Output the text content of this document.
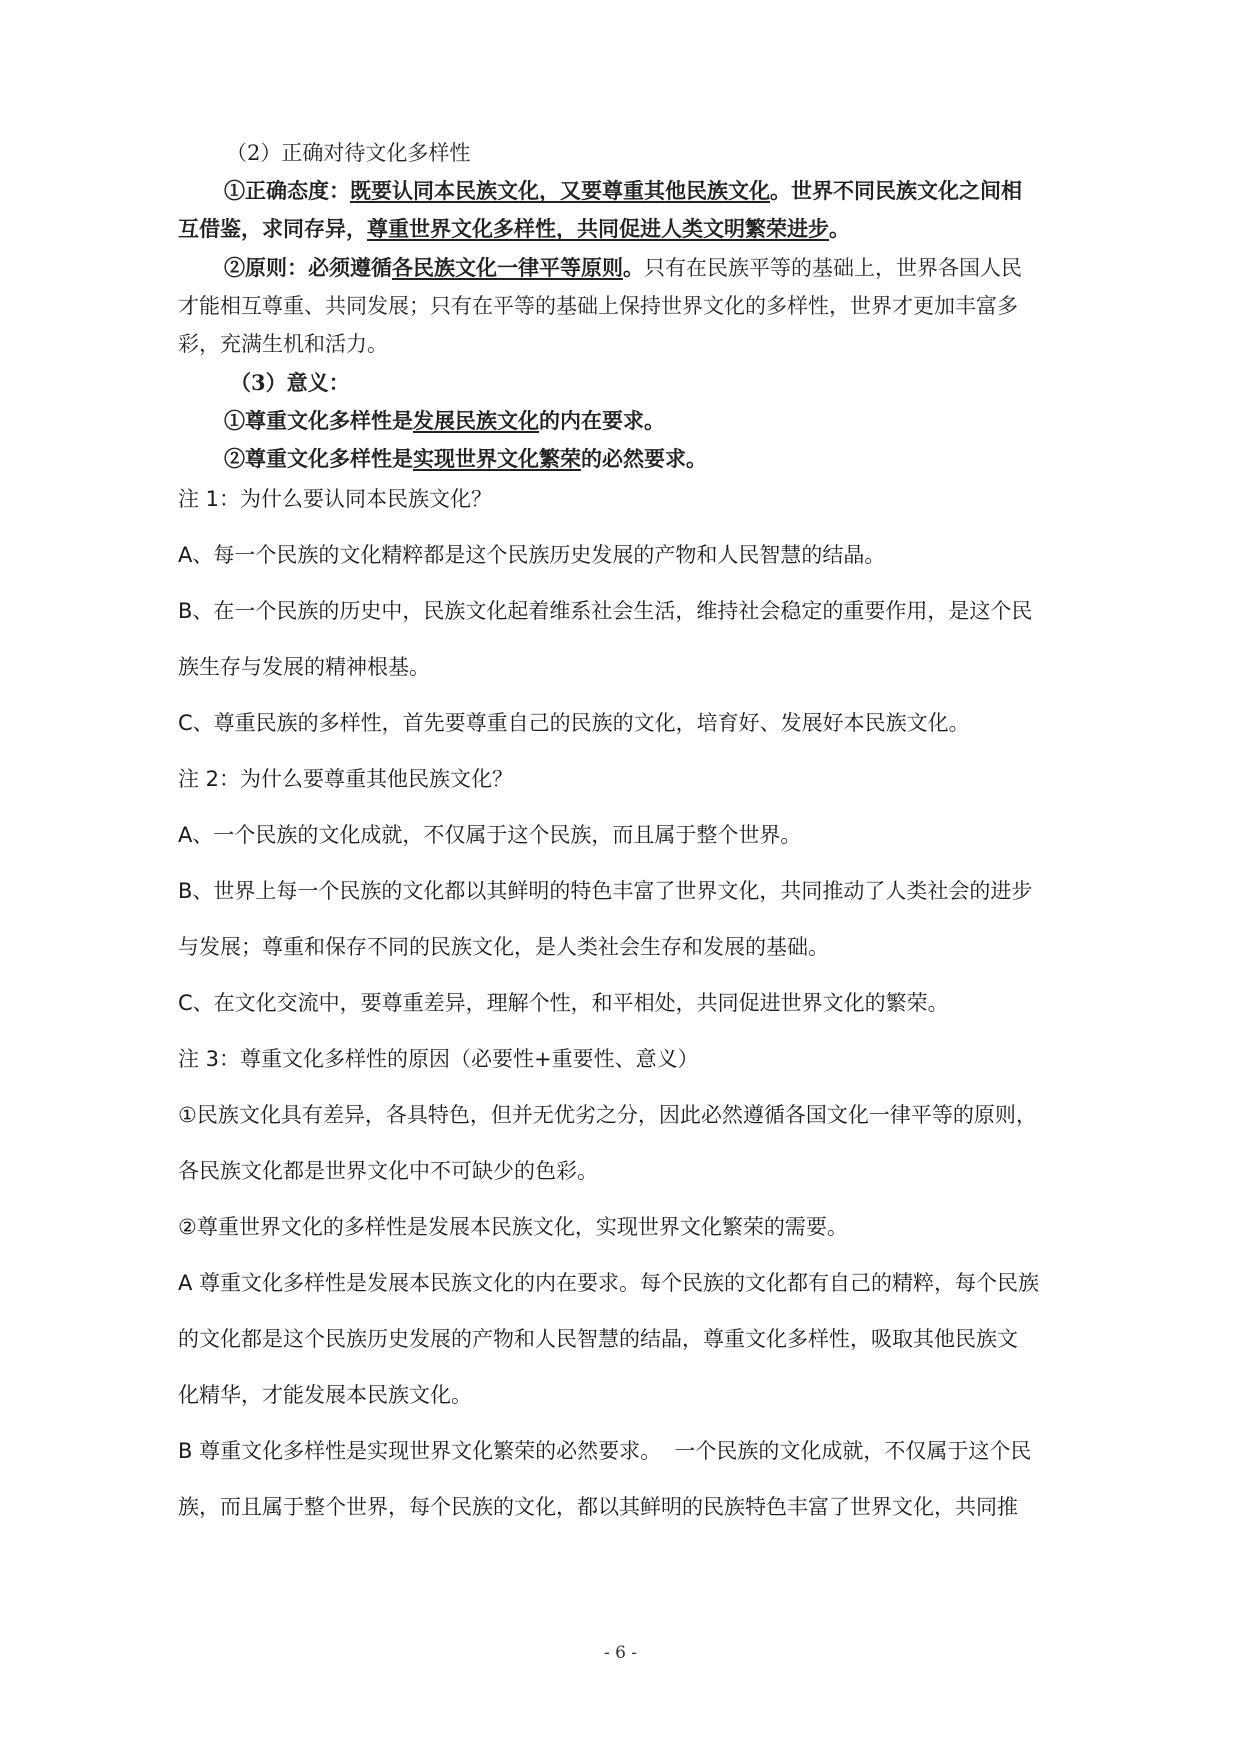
（2）正确对待文化多样性
①正确态度：既要认同本民族文化，又要尊重其他民族文化。世界不同民族文化之间相
互借鉴，求同存异，尊重世界文化多样性，共同促进人类文明繁荣进步。
②原则：必须遵循各民族文化一律平等原则。只有在民族平等的基础上，世界各国人民
才能相互尊重、共同发展；只有在平等的基础上保持世界文化的多样性，世界才更加丰富多
彩，充满生机和活力。
（3）意义：
①尊重文化多样性是发展民族文化的内在要求。
②尊重文化多样性是实现世界文化繁荣的必然要求。
注 1：为什么要认同本民族文化？
A、每一个民族的文化精粹都是这个民族历史发展的产物和人民智慧的结晶。
B、在一个民族的历史中，民族文化起着维系社会生活，维持社会稳定的重要作用，是这个民
族生存与发展的精神根基。
C、尊重民族的多样性，首先要尊重自己的民族的文化，培育好、发展好本民族文化。
注 2：为什么要尊重其他民族文化？
A、一个民族的文化成就，不仅属于这个民族，而且属于整个世界。
B、世界上每一个民族的文化都以其鲜明的特色丰富了世界文化，共同推动了人类社会的进步
与发展；尊重和保存不同的民族文化，是人类社会生存和发展的基础。
C、在文化交流中，要尊重差异，理解个性，和平相处，共同促进世界文化的繁荣。
注 3：尊重文化多样性的原因（必要性+重要性、意义）
①民族文化具有差异，各具特色，但并无优劣之分，因此必然遵循各国文化一律平等的原则，
各民族文化都是世界文化中不可缺少的色彩。
②尊重世界文化的多样性是发展本民族文化，实现世界文化繁荣的需要。
A 尊重文化多样性是发展本民族文化的内在要求。每个民族的文化都有自己的精粹，每个民族
的文化都是这个民族历史发展的产物和人民智慧的结晶，尊重文化多样性，吸取其他民族文
化精华，才能发展本民族文化。
B 尊重文化多样性是实现世界文化繁荣的必然要求。  一个民族的文化成就，不仅属于这个民
族，而且属于整个世界，每个民族的文化，都以其鲜明的民族特色丰富了世界文化，共同推
- 6 -
